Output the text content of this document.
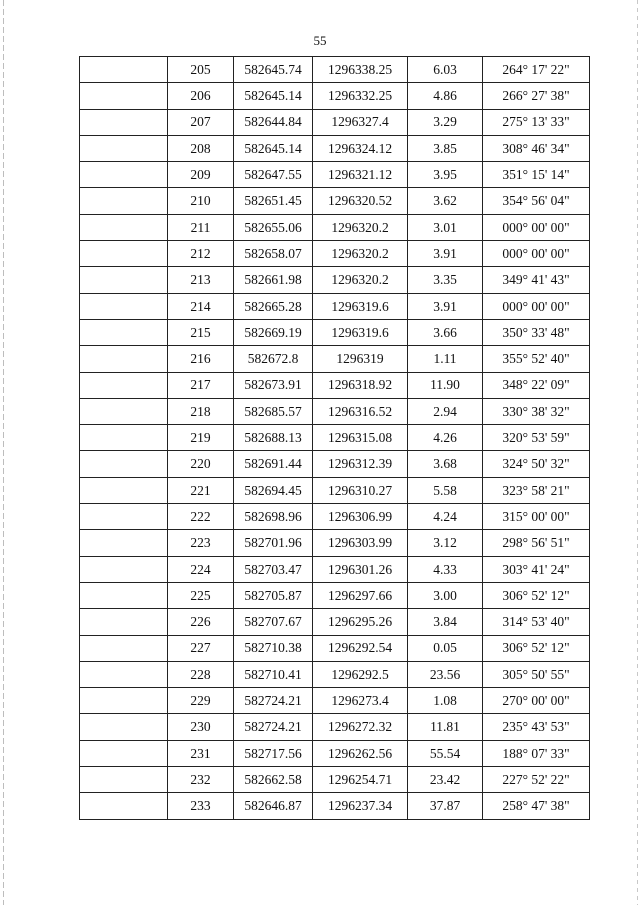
55
	205	582645.74	1296338.25	6.03	264° 17' 22"
	206	582645.14	1296332.25	4.86	266° 27' 38"
	207	582644.84	1296327.4	3.29	275° 13' 33"
	208	582645.14	1296324.12	3.85	308° 46' 34"
	209	582647.55	1296321.12	3.95	351° 15' 14"
	210	582651.45	1296320.52	3.62	354° 56' 04"
	211	582655.06	1296320.2	3.01	000° 00' 00"
	212	582658.07	1296320.2	3.91	000° 00' 00"
	213	582661.98	1296320.2	3.35	349° 41' 43"
	214	582665.28	1296319.6	3.91	000° 00' 00"
	215	582669.19	1296319.6	3.66	350° 33' 48"
	216	582672.8	1296319	1.11	355° 52' 40"
	217	582673.91	1296318.92	11.90	348° 22' 09"
	218	582685.57	1296316.52	2.94	330° 38' 32"
	219	582688.13	1296315.08	4.26	320° 53' 59"
	220	582691.44	1296312.39	3.68	324° 50' 32"
	221	582694.45	1296310.27	5.58	323° 58' 21"
	222	582698.96	1296306.99	4.24	315° 00' 00"
	223	582701.96	1296303.99	3.12	298° 56' 51"
	224	582703.47	1296301.26	4.33	303° 41' 24"
	225	582705.87	1296297.66	3.00	306° 52' 12"
	226	582707.67	1296295.26	3.84	314° 53' 40"
	227	582710.38	1296292.54	0.05	306° 52' 12"
	228	582710.41	1296292.5	23.56	305° 50' 55"
	229	582724.21	1296273.4	1.08	270° 00' 00"
	230	582724.21	1296272.32	11.81	235° 43' 53"
	231	582717.56	1296262.56	55.54	188° 07' 33"
	232	582662.58	1296254.71	23.42	227° 52' 22"
	233	582646.87	1296237.34	37.87	258° 47' 38"
